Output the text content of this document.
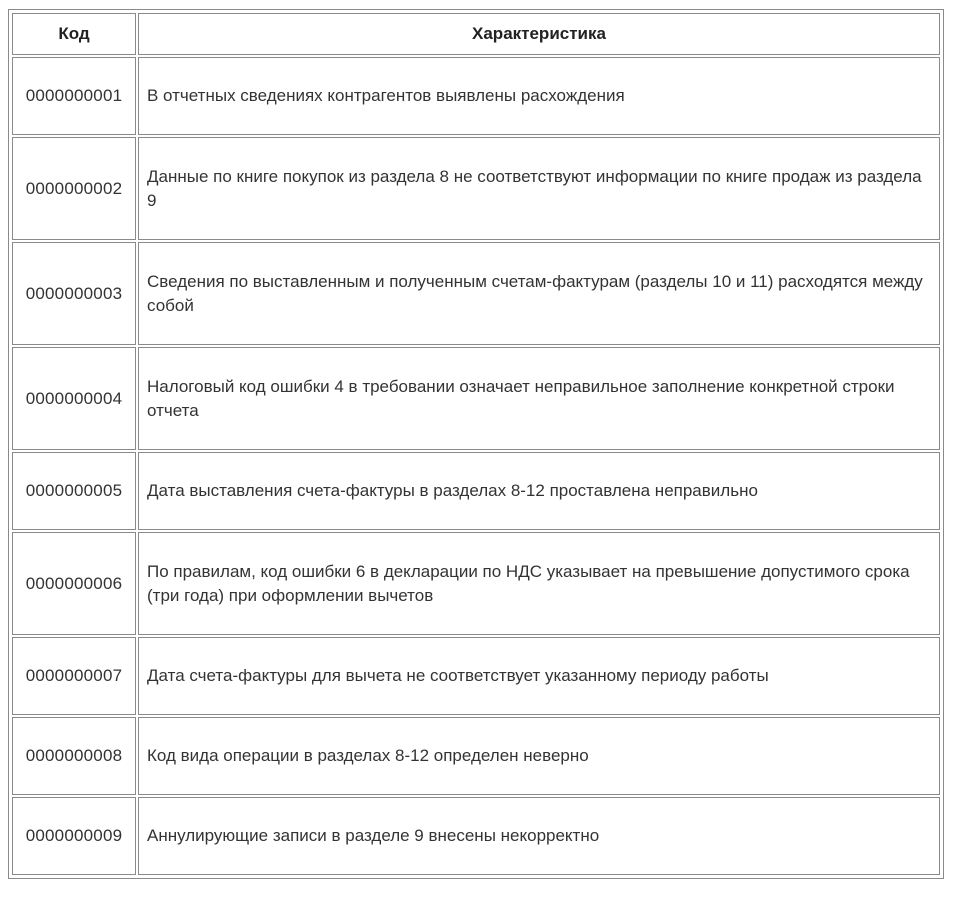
Код	Характеристика
0000000001	В отчетных сведениях контрагентов выявлены расхождения
0000000002	Данные по книге покупок из раздела 8 не соответствуют информации по книге продаж из раздела 9
0000000003	Сведения по выставленным и полученным счетам-фактурам (разделы 10 и 11) расходятся между собой
0000000004	Налоговый код ошибки 4 в требовании означает неправильное заполнение конкретной строки отчета
0000000005	Дата выставления счета-фактуры в разделах 8-12 проставлена неправильно
0000000006	По правилам, код ошибки 6 в декларации по НДС указывает на превышение допустимого срока (три года) при оформлении вычетов
0000000007	Дата счета-фактуры для вычета не соответствует указанному периоду работы
0000000008	Код вида операции в разделах 8-12 определен неверно
0000000009	Аннулирующие записи в разделе 9 внесены некорректно
